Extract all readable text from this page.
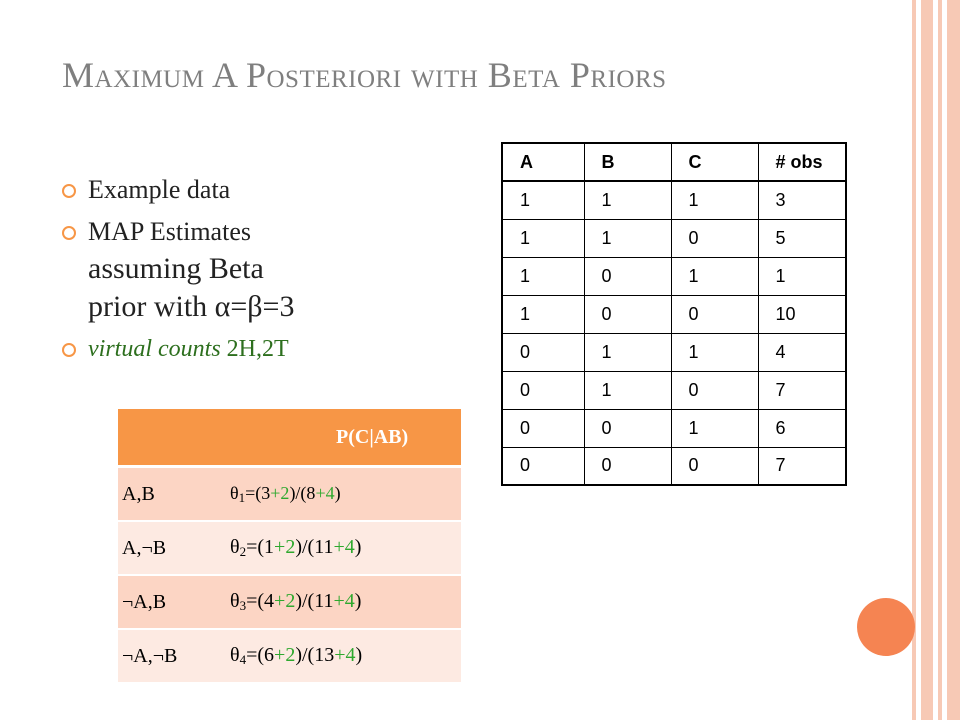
Maximum A Posteriori with Beta Priors
Example data
MAP Estimates
assuming Beta
prior with α=β=3
virtual counts 2H,2T
A	B	C	# obs
1	1	1	3
1	1	0	5
1	0	1	1
1	0	0	10
0	1	1	4
0	1	0	7
0	0	1	6
0	0	0	7
	P(C|AB)
A,B	$\theta_1=(3+2)/(8+4)$
A,¬B	$\theta_2=(1+2)/(11+4)$
¬A,B	$\theta_3=(4+2)/(11+4)$
¬A,¬B	$\theta_4=(6+2)/(13+4)$
